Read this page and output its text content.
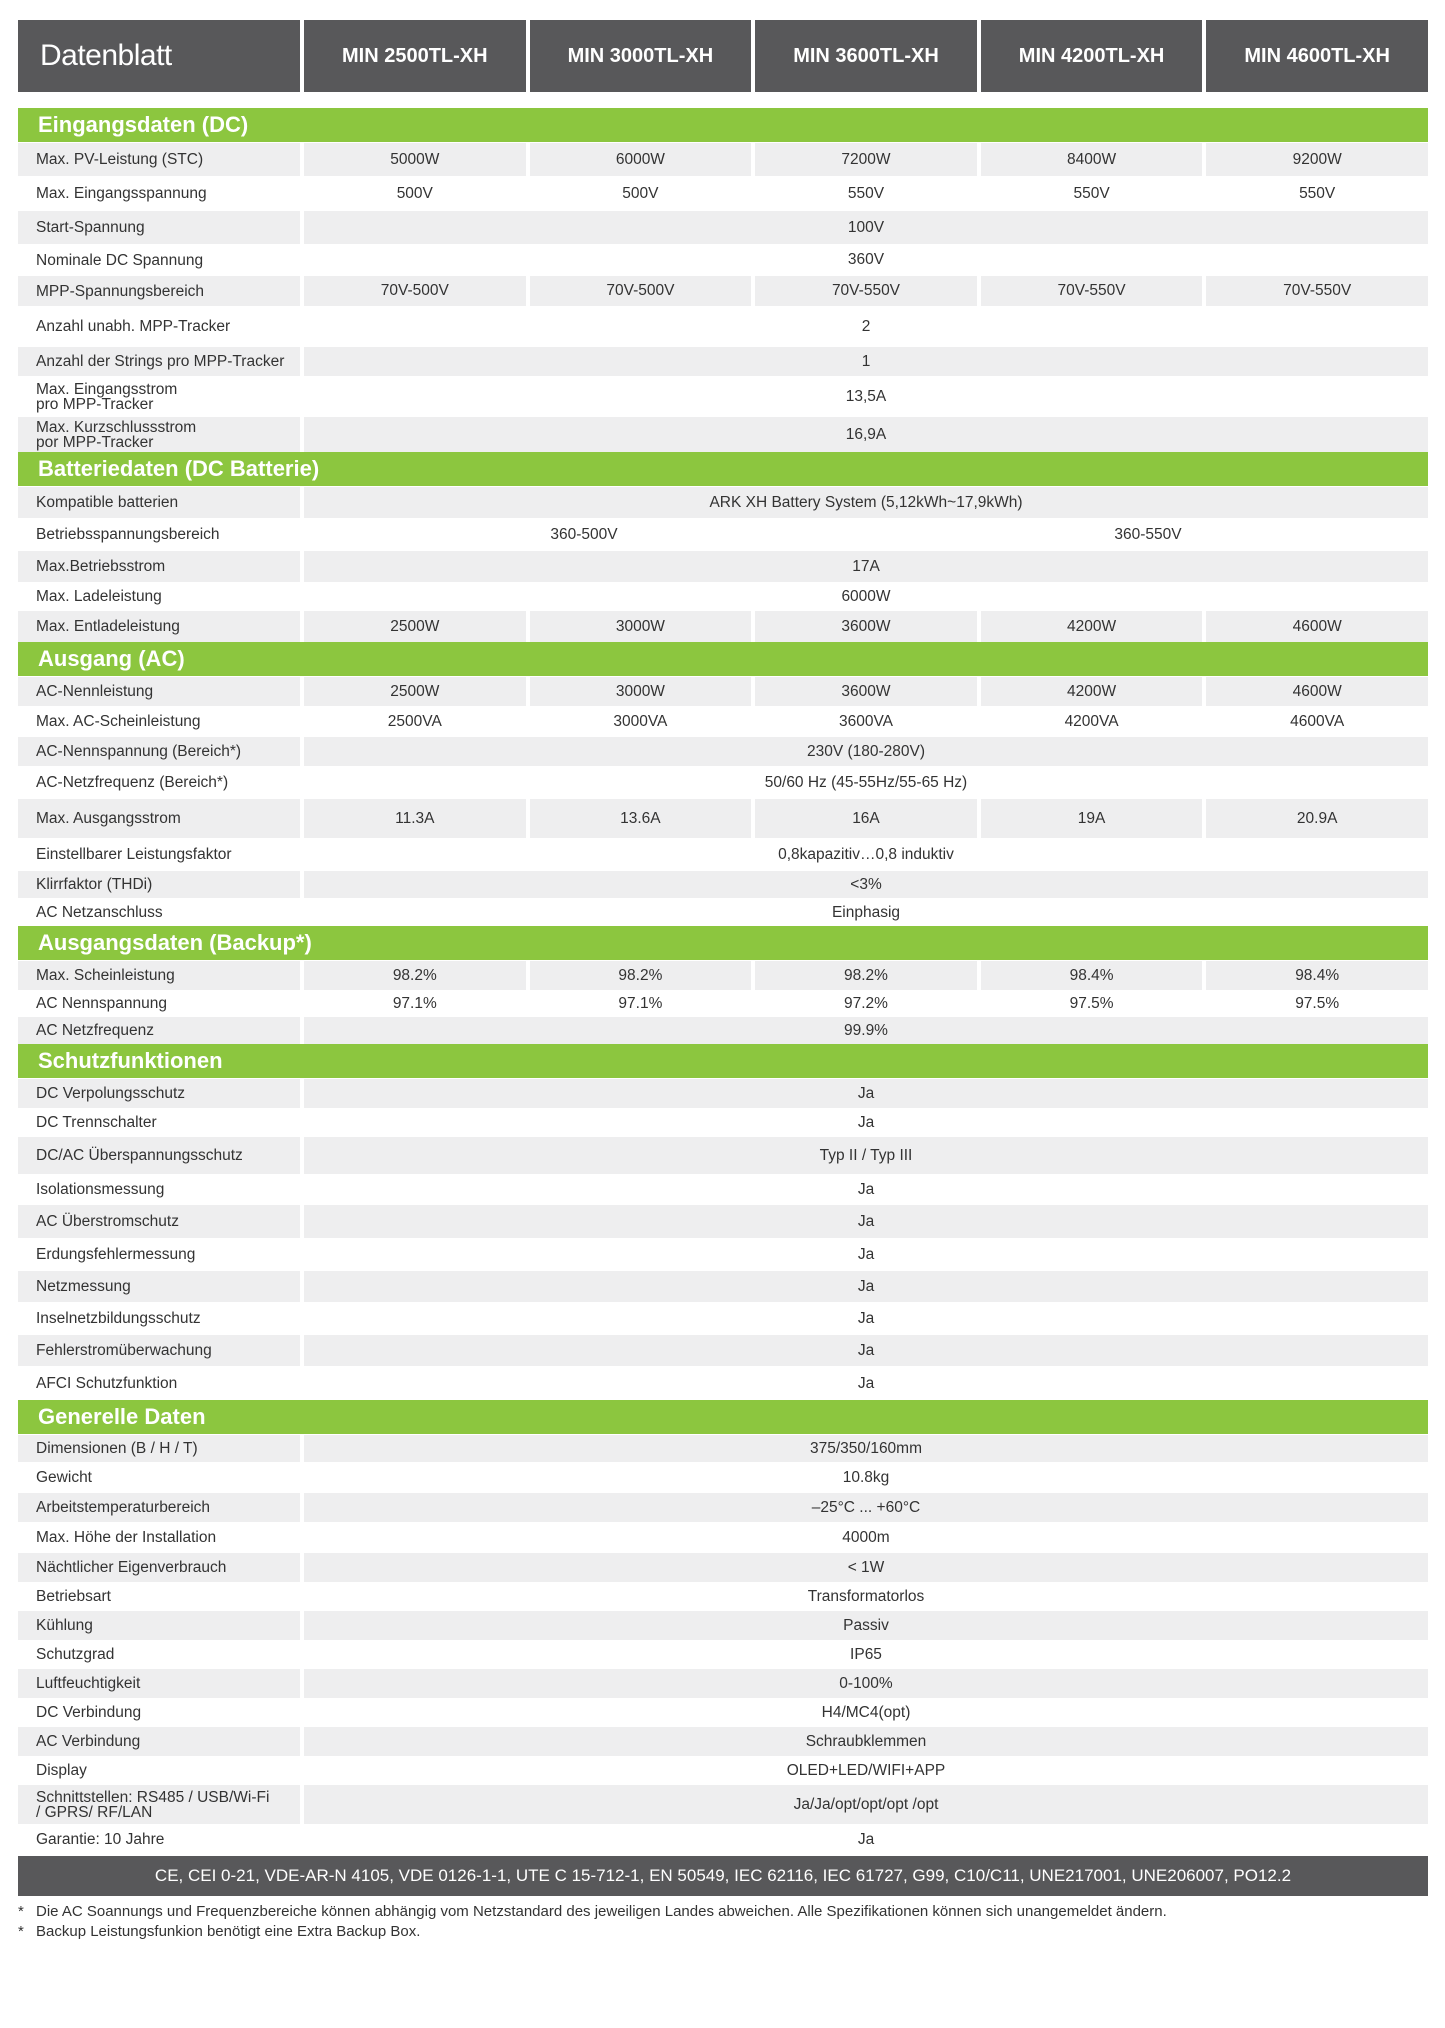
Datenblatt	MIN 2500TL-XH	MIN 3000TL-XH	MIN 3600TL-XH	MIN 4200TL-XH	MIN 4600TL-XH
Eingangsdaten (DC)
Max. PV-Leistung (STC)	5000W	6000W	7200W	8400W	9200W
Max. Eingangsspannung	500V	500V	550V	550V	550V
Start-Spannung	100V
Nominale DC Spannung	360V
MPP-Spannungsbereich	70V-500V	70V-500V	70V-550V	70V-550V	70V-550V
Anzahl unabh. MPP-Tracker	2
Anzahl der Strings pro MPP-Tracker	1
Max. Eingangsstrom
pro MPP-Tracker	13,5A
Max. Kurzschlussstrom
por MPP-Tracker	16,9A
Batteriedaten (DC Batterie)
Kompatible batterien	ARK XH Battery System (5,12kWh~17,9kWh)
Betriebsspannungsbereich	360-500V	360-550V
Max.Betriebsstrom	17A
Max. Ladeleistung	6000W
Max. Entladeleistung	2500W	3000W	3600W	4200W	4600W
Ausgang (AC)
AC-Nennleistung	2500W	3000W	3600W	4200W	4600W
Max. AC-Scheinleistung	2500VA	3000VA	3600VA	4200VA	4600VA
AC-Nennspannung (Bereich*)	230V (180-280V)
AC-Netzfrequenz (Bereich*)	50/60 Hz (45-55Hz/55-65 Hz)
Max. Ausgangsstrom	11.3A	13.6A	16A	19A	20.9A
Einstellbarer Leistungsfaktor	0,8kapazitiv…0,8 induktiv
Klirrfaktor (THDi)	<3%
AC Netzanschluss	Einphasig
Ausgangsdaten (Backup*)
Max. Scheinleistung	98.2%	98.2%	98.2%	98.4%	98.4%
AC Nennspannung	97.1%	97.1%	97.2%	97.5%	97.5%
AC Netzfrequenz	99.9%
Schutzfunktionen
DC Verpolungsschutz	Ja
DC Trennschalter	Ja
DC/AC Überspannungsschutz	Typ II / Typ III
Isolationsmessung	Ja
AC Überstromschutz	Ja
Erdungsfehlermessung	Ja
Netzmessung	Ja
Inselnetzbildungsschutz	Ja
Fehlerstromüberwachung	Ja
AFCI Schutzfunktion	Ja
Generelle Daten
Dimensionen (B / H / T)	375/350/160mm
Gewicht	10.8kg
Arbeitstemperaturbereich	–25°C ... +60°C
Max. Höhe der Installation	4000m
Nächtlicher Eigenverbrauch	< 1W
Betriebsart	Transformatorlos
Kühlung	Passiv
Schutzgrad	IP65
Luftfeuchtigkeit	0-100%
DC Verbindung	H4/MC4(opt)
AC Verbindung	Schraubklemmen
Display	OLED+LED/WIFI+APP
Schnittstellen: RS485 / USB/Wi-Fi
/ GPRS/ RF/LAN	Ja/Ja/opt/opt/opt /opt
Garantie: 10 Jahre	Ja
CE, CEI 0-21, VDE-AR-N 4105, VDE 0126-1-1, UTE C 15-712-1, EN 50549, IEC 62116, IEC 61727, G99, C10/C11, UNE217001, UNE206007, PO12.2
* Die AC Soannungs und Frequenzbereiche können abhängig vom Netzstandard des jeweiligen Landes abweichen. Alle Spezifikationen können sich unangemeldet ändern.
* Backup Leistungsfunkion benötigt eine Extra Backup Box.
